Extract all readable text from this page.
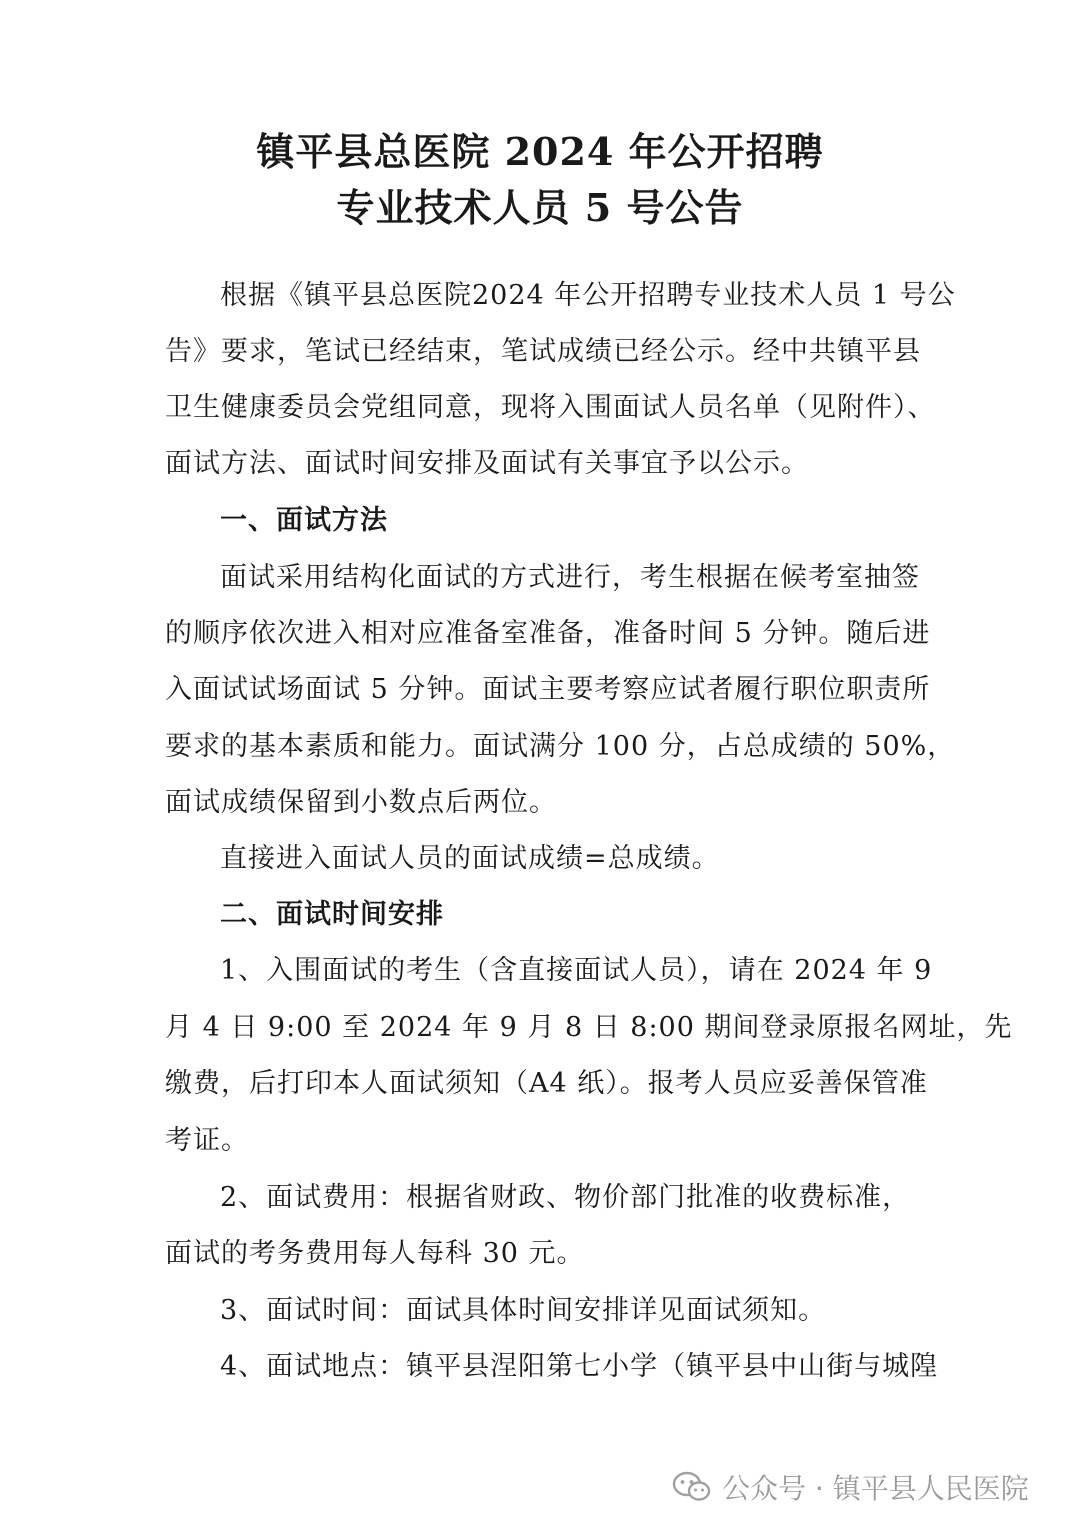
镇平县总医院 2024 年公开招聘
专业技术人员 5 号公告
根据《镇平县总医院2024 年公开招聘专业技术人员 1 号公
告》要求，笔试已经结束，笔试成绩已经公示。经中共镇平县
卫生健康委员会党组同意，现将入围面试人员名单（见附件）、
面试方法、面试时间安排及面试有关事宜予以公示。
一、面试方法
面试采用结构化面试的方式进行，考生根据在候考室抽签
的顺序依次进入相对应准备室准备，准备时间 5 分钟。随后进
入面试试场面试 5 分钟。面试主要考察应试者履行职位职责所
要求的基本素质和能力。面试满分 100 分，占总成绩的 50%，
面试成绩保留到小数点后两位。
直接进入面试人员的面试成绩=总成绩。
二、面试时间安排
1、入围面试的考生（含直接面试人员），请在 2024 年 9
月 4 日 9:00 至 2024 年 9 月 8 日 8:00 期间登录原报名网址，先
缴费，后打印本人面试须知（A4 纸）。报考人员应妥善保管准
考证。
2、面试费用：根据省财政、物价部门批准的收费标准，
面试的考务费用每人每科 30 元。
3、面试时间：面试具体时间安排详见面试须知。
4、面试地点：镇平县涅阳第七小学（镇平县中山街与城隍
公众号 · 镇平县人民医院
